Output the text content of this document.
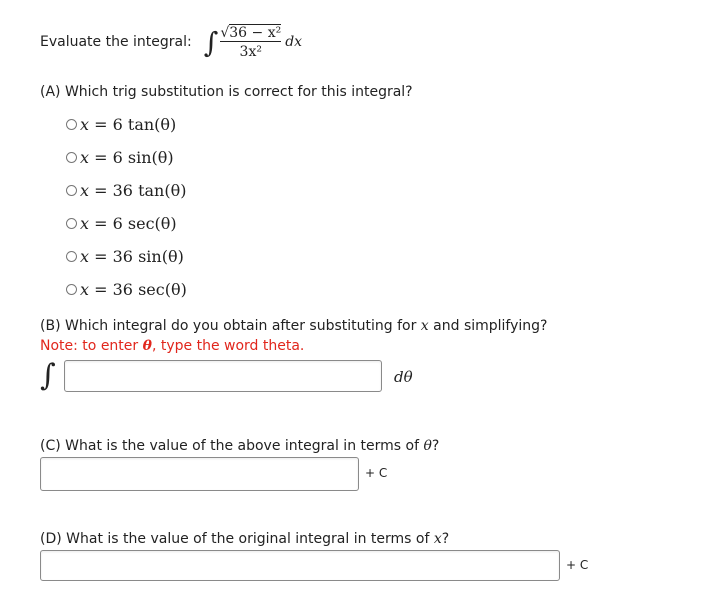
Evaluate the integral: ∫ $\frac{\text{√36 − x²}}{\text{3x²}}$ dx
(A) Which trig substitution is correct for this integral?
x = 6 tan(θ)
x = 6 sin(θ)
x = 36 tan(θ)
x = 6 sec(θ)
x = 36 sin(θ)
x = 36 sec(θ)
(B) Which integral do you obtain after substituting for x and simplifying?
Note: to enter θ, type the word theta.
∫	dθ
(C) What is the value of the above integral in terms of θ?
+ C
(D) What is the value of the original integral in terms of x?
+ C
